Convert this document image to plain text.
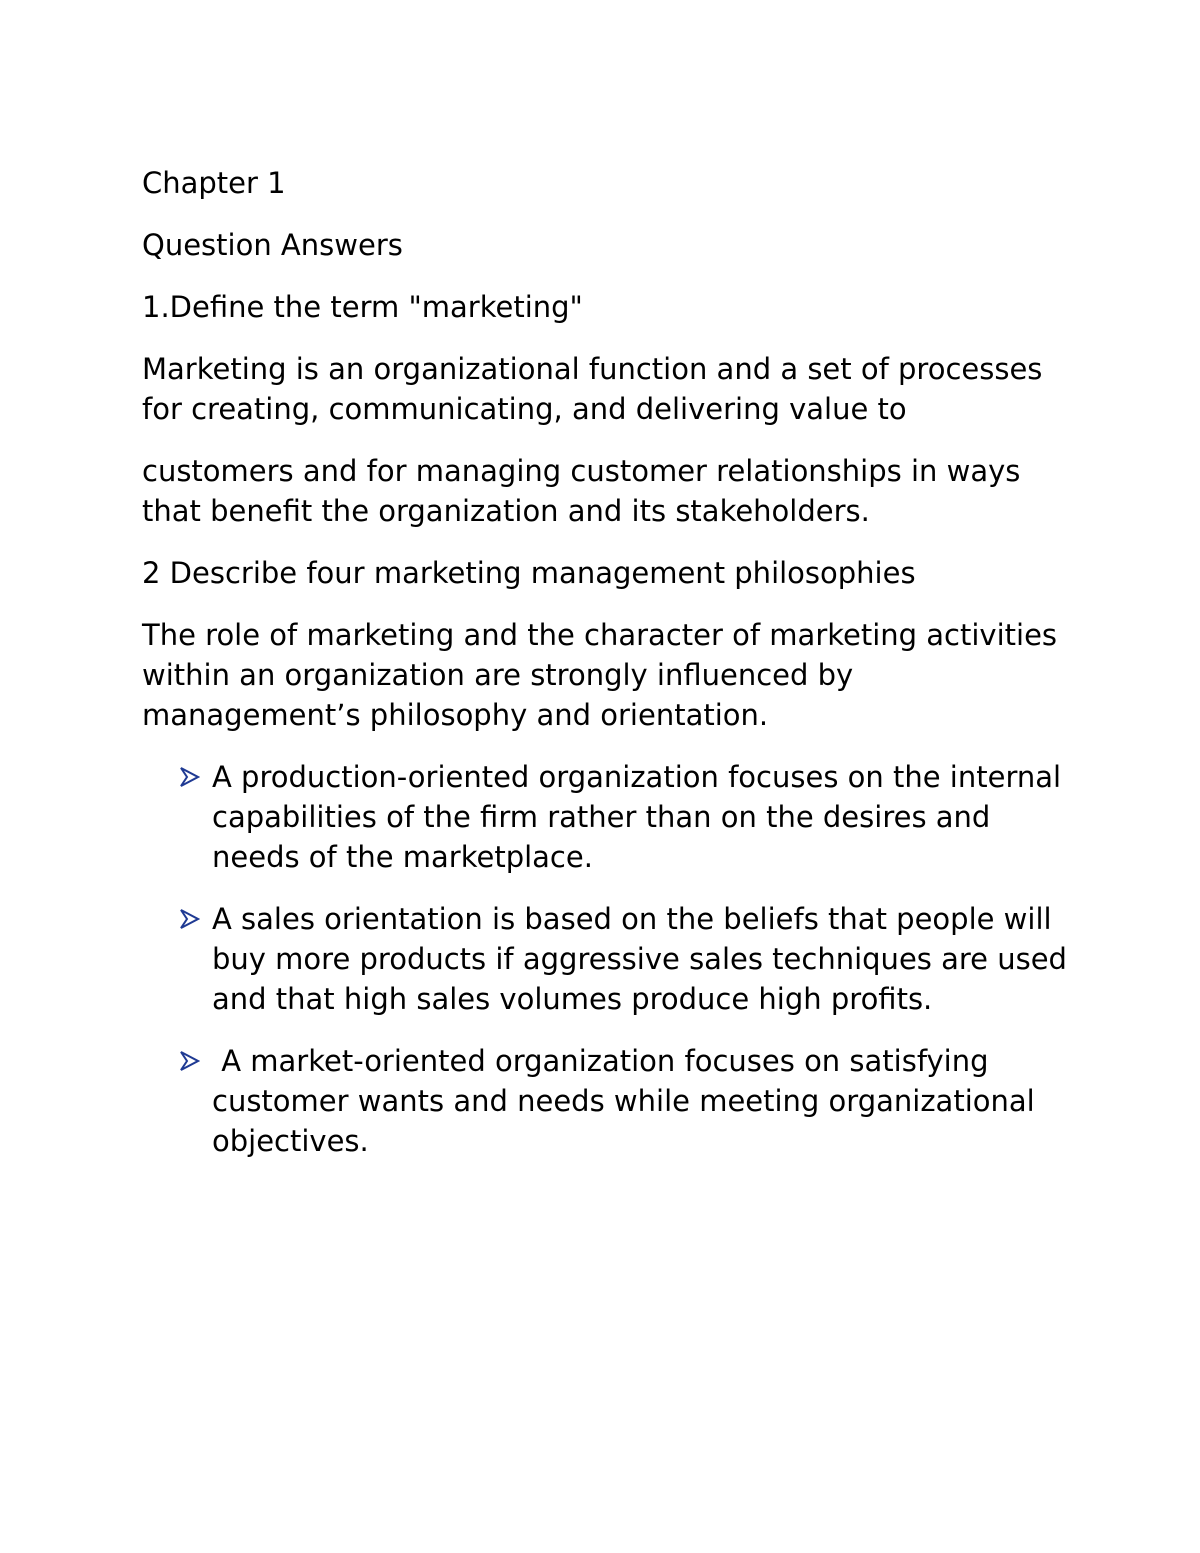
Chapter 1

Question Answers

1.Define the term "marketing"

Marketing is an organizational function and a set of processes for creating, communicating, and delivering value to

customers and for managing customer relationships in ways that benefit the organization and its stakeholders.

2 Describe four marketing management philosophies

The role of marketing and the character of marketing activities within an organization are strongly influenced by management’s philosophy and orientation.

A production-oriented organization focuses on the internal capabilities of the firm rather than on the desires and needs of the marketplace.
A sales orientation is based on the beliefs that people will buy more products if aggressive sales techniques are used and that high sales volumes produce high profits.
A market-oriented organization focuses on satisfying customer wants and needs while meeting organizational objectives.
